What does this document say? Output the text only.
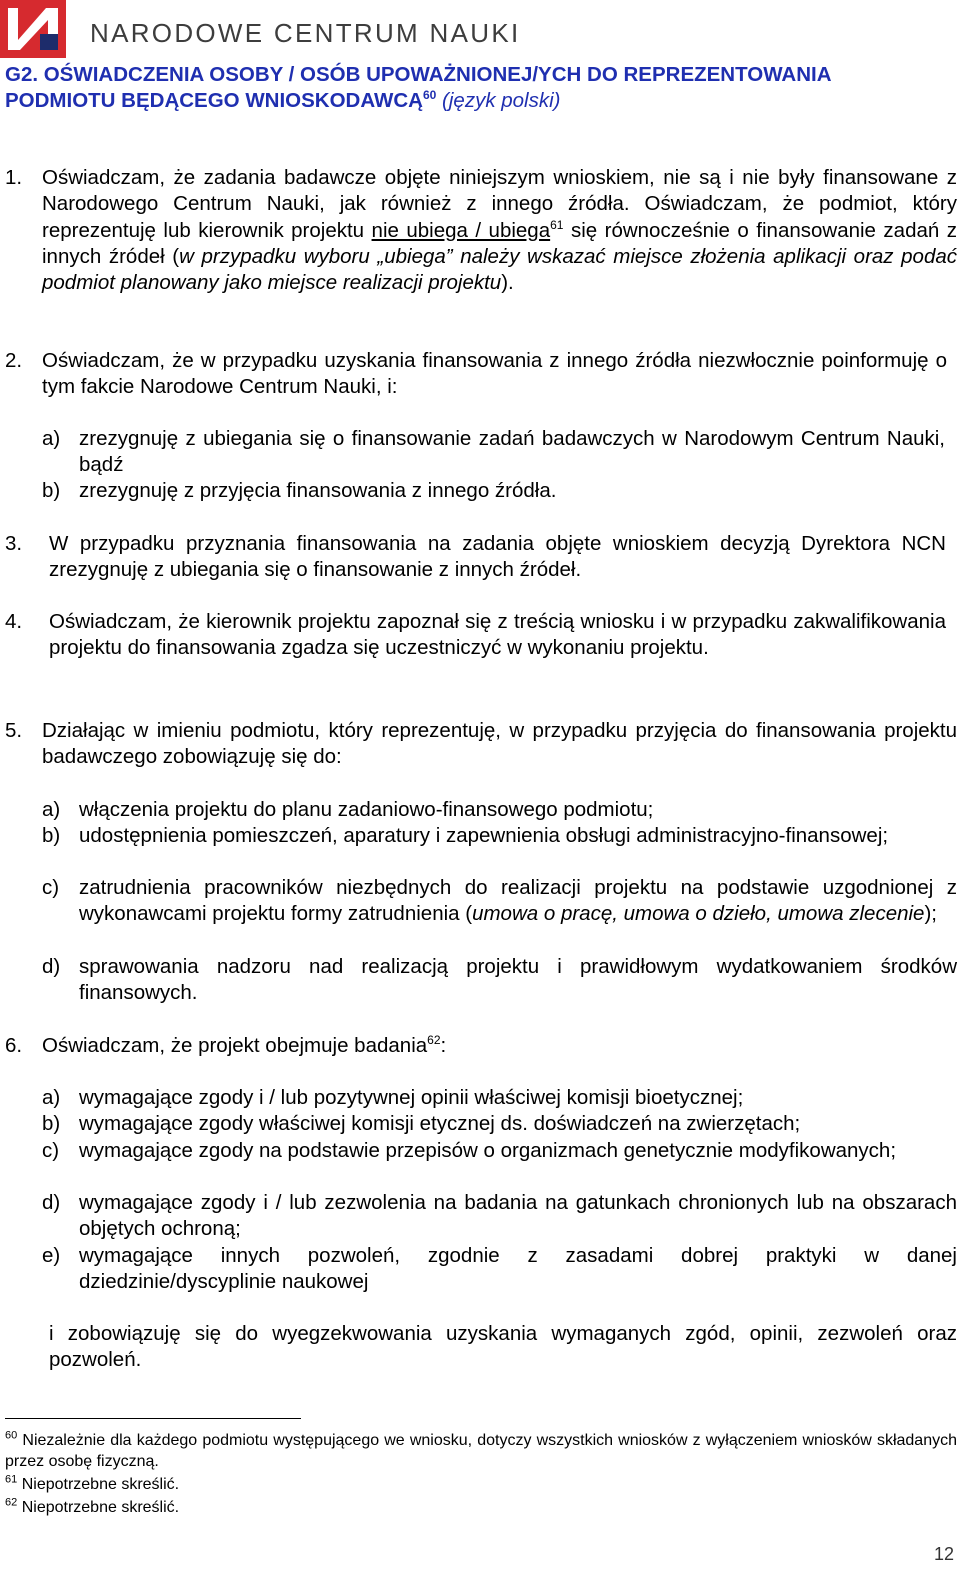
NARODOWE CENTRUM NAUKI
G2. OŚWIADCZENIA OSOBY / OSÓB UPOWAŻNIONEJ/YCH DO REPREZENTOWANIA
PODMIOTU BĘDĄCEGO WNIOSKODAWCĄ$^{60}$ (język polski)
1. Oświadczam, że zadania badawcze objęte niniejszym wnioskiem, nie są i nie były finansowane z Narodowego Centrum Nauki, jak również z innego źródła. Oświadczam, że podmiot, który reprezentuję lub kierownik projektu nie ubiega / ubiega$^{61}$ się równocześnie o finansowanie zadań z innych źródeł (w przypadku wyboru „ubiega” należy wskazać miejsce złożenia aplikacji oraz podać podmiot planowany jako miejsce realizacji projektu).
2. Oświadczam, że w przypadku uzyskania finansowania z innego źródła niezwłocznie poinformuję o tym fakcie Narodowe Centrum Nauki, i:
a) zrezygnuję z ubiegania się o finansowanie zadań badawczych w Narodowym Centrum Nauki, bądź
b) zrezygnuję z przyjęcia finansowania z innego źródła.
3. W przypadku przyznania finansowania na zadania objęte wnioskiem decyzją Dyrektora NCN zrezygnuję z ubiegania się o finansowanie z innych źródeł.
4. Oświadczam, że kierownik projektu zapoznał się z treścią wniosku i w przypadku zakwalifikowania projektu do finansowania zgadza się uczestniczyć w wykonaniu projektu.
5. Działając w imieniu podmiotu, który reprezentuję, w przypadku przyjęcia do finansowania projektu badawczego zobowiązuję się do:
a) włączenia projektu do planu zadaniowo-finansowego podmiotu;
b) udostępnienia pomieszczeń, aparatury i zapewnienia obsługi administracyjno-finansowej;
c) zatrudnienia pracowników niezbędnych do realizacji projektu na podstawie uzgodnionej z wykonawcami projektu formy zatrudnienia (umowa o pracę, umowa o dzieło, umowa zlecenie);
d) sprawowania nadzoru nad realizacją projektu i prawidłowym wydatkowaniem środków finansowych.
6. Oświadczam, że projekt obejmuje badania$^{62}$:
a) wymagające zgody i / lub pozytywnej opinii właściwej komisji bioetycznej;
b) wymagające zgody właściwej komisji etycznej ds. doświadczeń na zwierzętach;
c) wymagające zgody na podstawie przepisów o organizmach genetycznie modyfikowanych;
d) wymagające zgody i / lub zezwolenia na badania na gatunkach chronionych lub na obszarach objętych ochroną;
e) wymagające innych pozwoleń, zgodnie z zasadami dobrej praktyki w danej dziedzinie/dyscyplinie naukowej
i zobowiązuję się do wyegzekwowania uzyskania wymaganych zgód, opinii, zezwoleń oraz pozwoleń.
$^{60}$ Niezależnie dla każdego podmiotu występującego we wniosku, dotyczy wszystkich wniosków z wyłączeniem wniosków składanych przez osobę fizyczną.
$^{61}$ Niepotrzebne skreślić.
$^{62}$ Niepotrzebne skreślić.
12
